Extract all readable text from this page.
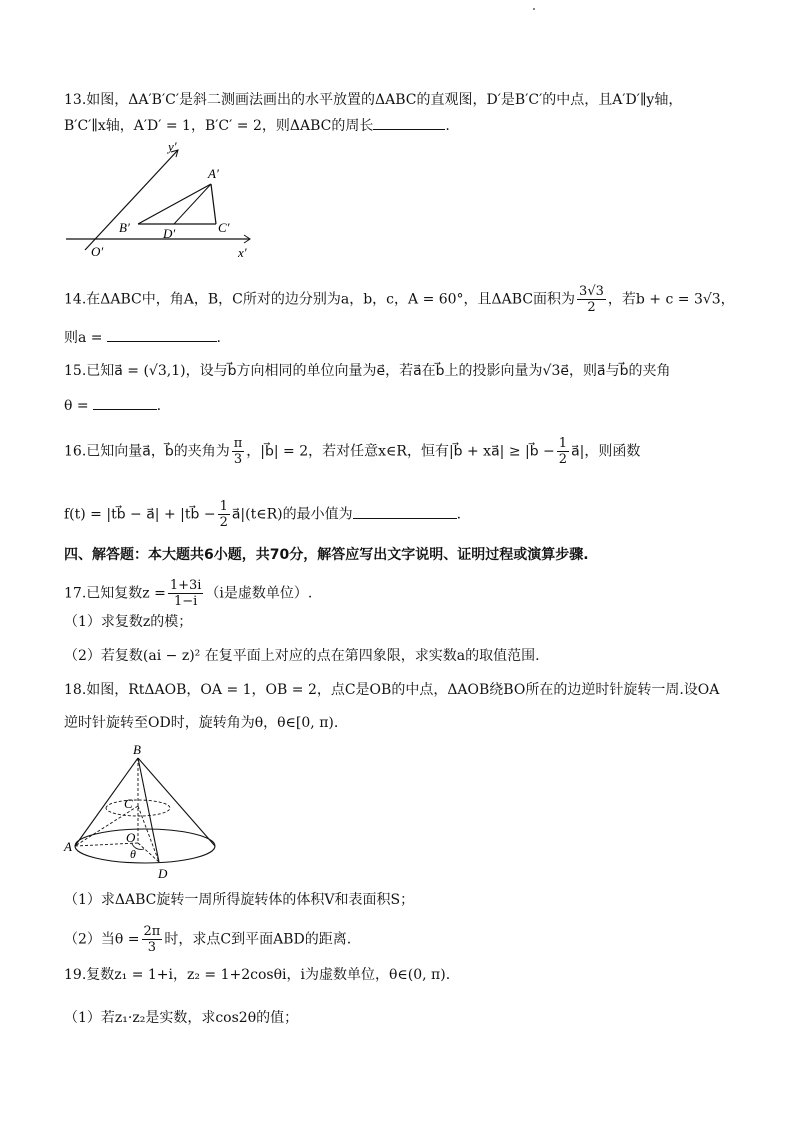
13.如图，ΔA′B′C′是斜二测画法画出的水平放置的ΔABC的直观图，D′是B′C′的中点，且A′D′∥y轴，
B′C′∥x轴，A′D′ = 1，B′C′ = 2，则ΔABC的周长	.
y′
A′
B′	D′	C′
O′	x′
14.在ΔABC中，角A，B，C所对的边分别为a，b，c，A = 60°，且ΔABC面积为 $\frac{3√3}{2}$ ，若b + c = 3√3，
则a =	.
15.已知a⃗ = (√3,1)，设与b⃗方向相同的单位向量为e⃗，若a⃗在b⃗上的投影向量为√3e⃗，则a⃗与b⃗的夹角
θ =	.
16.已知向量a⃗，b⃗的夹角为 $\frac{\pi}{3}$ ，|b⃗| = 2，若对任意x∈R，恒有|b⃗ + xa⃗| ≥ |b⃗ − $\frac{1}{2}$ a⃗|，则函数
f(t) = |tb⃗ − a⃗| + |tb⃗ − $\frac{1}{2}$ a⃗|(t∈R)的最小值为	.
四、解答题：本大题共6小题，共70分，解答应写出文字说明、证明过程或演算步骤.
17.已知复数$z = \frac{1+3i}{1-i} (i$是虚数单位）.
（1）求复数z的模；
（2）若复数(ai − z)² 在复平面上对应的点在第四象限，求实数a的取值范围.
18.如图，RtΔAOB，OA = 1，OB = 2，点C是OB的中点，ΔAOB绕BO所在的边逆时针旋转一周.设OA
逆时针旋转至OD时，旋转角为θ，θ∈[0, π).
B
C
A
O
θ
D
（1）求ΔABC旋转一周所得旋转体的体积V和表面积S；
（2）当$\theta = \frac{2\pi}{3}$ 时，求点C到平面ABD的距离.
19.复数z₁ = 1+i，z₂ = 1+2cosθi，i为虚数单位，θ∈(0, π).
（1）若z₁·z₂是实数，求cos2θ的值；
